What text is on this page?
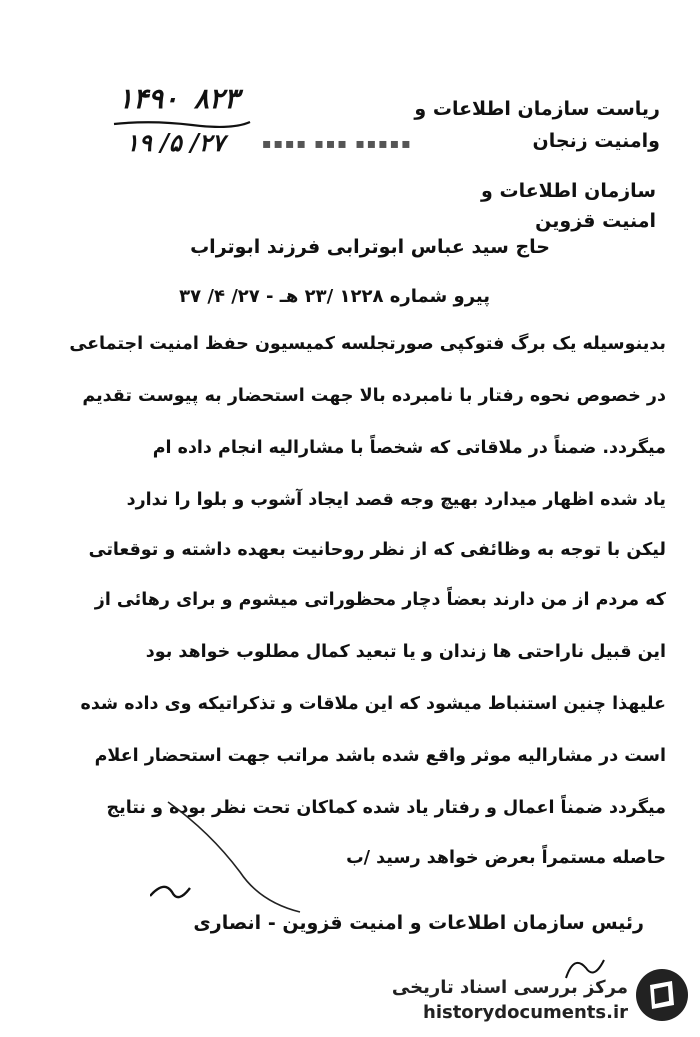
۸۲۳ ۱۴۹۰
۲۷/ ۵/ ۱۹
ریاست سازمان اطلاعات و
وامنیت زنجان
▪▪▪▪ ▪▪▪ ▪▪▪▪▪
سازمان اطلاعات و
امنیت قزوین
حاج سید عباس ابوترابی فرزند ابوتراب
پیرو شماره ۱۲۲۸ /۲۳ هـ - ۲۷/ ۴/ ۳۷
بدینوسیله یک برگ فتوکپی صورتجلسه کمیسیون حفظ امنیت اجتماعی
در خصوص نحوه رفتار با نامبرده بالا جهت استحضار به پیوست تقدیم
میگردد. ضمناً در ملاقاتی که شخصاً با مشارالیه انجام داده ام
یاد شده اظهار میدارد بهیچ وجه قصد ایجاد آشوب و بلوا را ندارد
لیکن با توجه به وظائفی که از نظر روحانیت بعهده داشته و توقعاتی
که مردم از من دارند بعضاً دچار محظوراتی میشوم و برای رهائی از
این قبیل ناراحتی ها زندان و یا تبعید کمال مطلوب خواهد بود
علیهذا چنین استنباط میشود که این ملاقات و تذکراتیکه وی داده شده
است در مشارالیه موثر واقع شده باشد مراتب جهت استحضار اعلام
میگردد ضمناً اعمال و رفتار یاد شده کماکان تحت نظر بوده و نتایج
حاصله مستمراً بعرض خواهد رسید /ب
رئیس سازمان اطلاعات و امنیت قزوین - انصاری
مرکز بررسی اسناد تاریخی
historydocuments.ir
